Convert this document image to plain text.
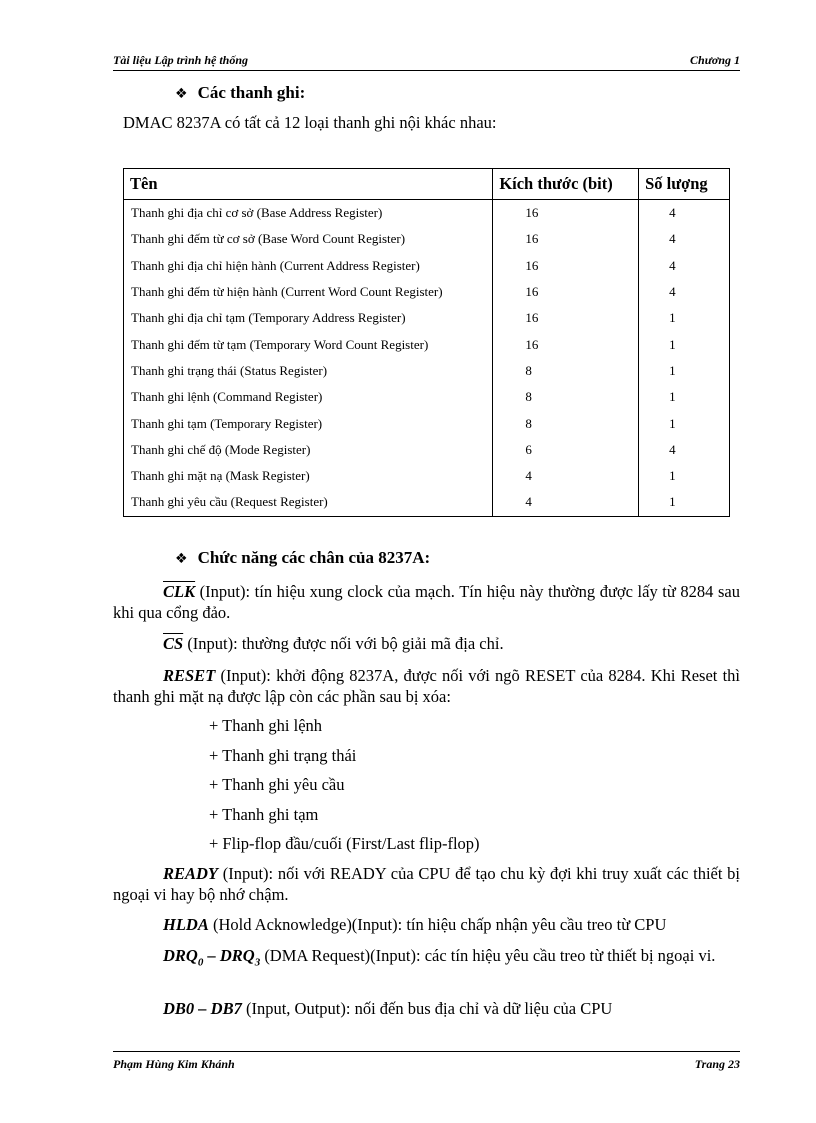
Tài liệu Lập trình hệ thống	Chương 1
❖ Các thanh ghi:
DMAC 8237A có tất cả 12 loại thanh ghi nội khác nhau:
Tên	Kích thước (bit)	Số lượng
Thanh ghi địa chỉ cơ sở (Base Address Register)	16	4
Thanh ghi đếm từ cơ sở (Base Word Count Register)	16	4
Thanh ghi địa chỉ hiện hành (Current Address Register)	16	4
Thanh ghi đếm từ hiện hành (Current Word Count Register)	16	4
Thanh ghi địa chỉ tạm (Temporary Address Register)	16	1
Thanh ghi đếm từ tạm (Temporary Word Count Register)	16	1
Thanh ghi trạng thái (Status Register)	8	1
Thanh ghi lệnh (Command Register)	8	1
Thanh ghi tạm (Temporary Register)	8	1
Thanh ghi chế độ (Mode Register)	6	4
Thanh ghi mặt nạ (Mask Register)	4	1
Thanh ghi yêu cầu (Request Register)	4	1
❖ Chức năng các chân của 8237A:
$\overline{CLK}$ (Input): tín hiệu xung clock của mạch. Tín hiệu này thường được lấy từ 8284 sau khi qua cổng đảo.
$\overline{CS}$ (Input): thường được nối với bộ giải mã địa chỉ.
RESET (Input): khởi động 8237A, được nối với ngõ RESET của 8284. Khi Reset thì thanh ghi mặt nạ được lập còn các phần sau bị xóa:
+ Thanh ghi lệnh
+ Thanh ghi trạng thái
+ Thanh ghi yêu cầu
+ Thanh ghi tạm
+ Flip-flop đầu/cuối (First/Last flip-flop)
READY (Input): nối với READY của CPU để tạo chu kỳ đợi khi truy xuất các thiết bị ngoại vi hay bộ nhớ chậm.
HLDA (Hold Acknowledge)(Input): tín hiệu chấp nhận yêu cầu treo từ CPU
$DRQ_0 - DRQ_3$ (DMA Request)(Input): các tín hiệu yêu cầu treo từ thiết bị ngoại vi.
DB0 – DB7 (Input, Output): nối đến bus địa chỉ và dữ liệu của CPU
Phạm Hùng Kim Khánh	Trang 23
